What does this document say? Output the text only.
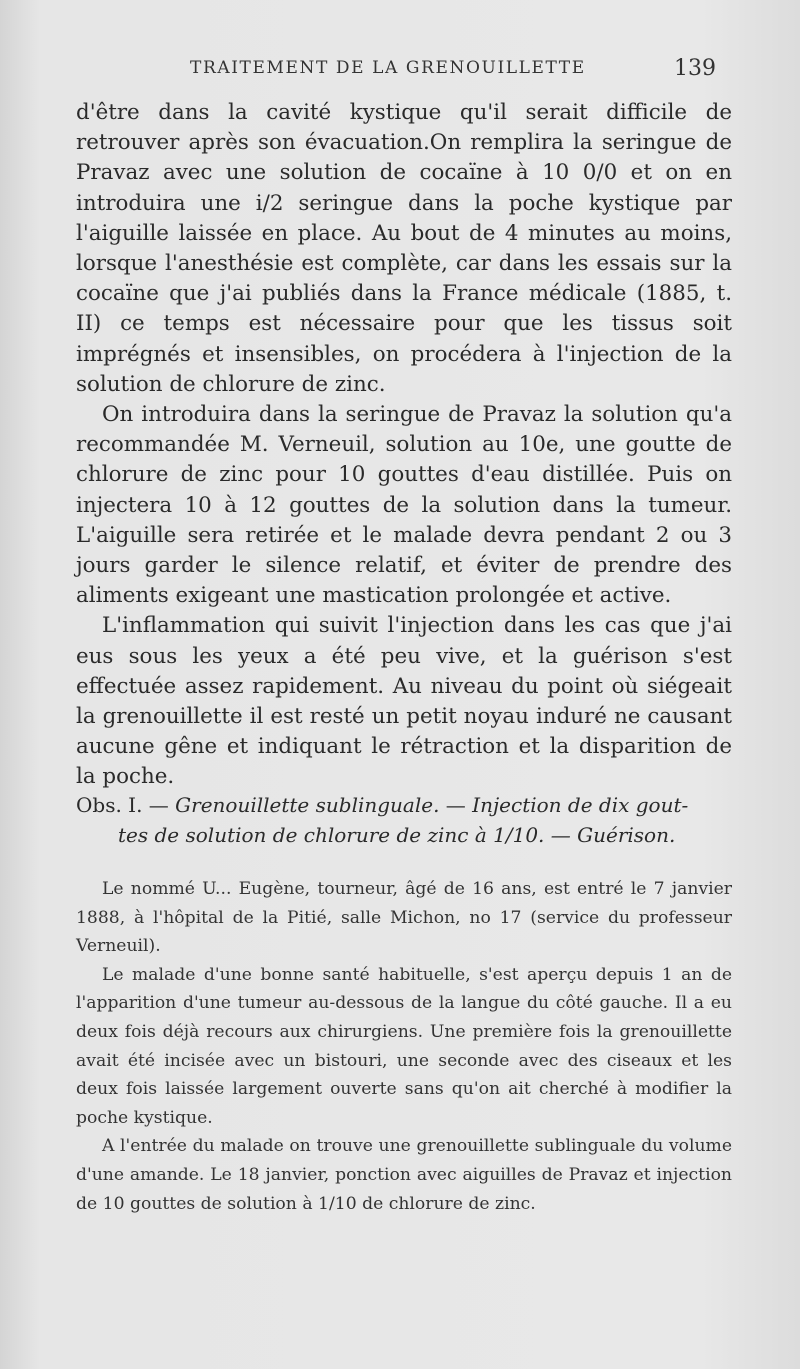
TRAITEMENT DE LA GRENOUILLETTE	139

d'être dans la cavité kystique qu'il serait difficile de retrouver après son évacuation.On remplira la seringue de Pravaz avec une solution de cocaïne à 10 0/0 et on en introduira une i/2 seringue dans la poche kystique par l'aiguille laissée en place. Au bout de 4 minutes au moins, lorsque l'anesthésie est complète, car dans les essais sur la cocaïne que j'ai publiés dans la France médicale (1885, t. II) ce temps est nécessaire pour que les tissus soit imprégnés et insensibles, on procédera à l'injection de la solution de chlorure de zinc.

On introduira dans la seringue de Pravaz la solution qu'a recommandée M. Verneuil, solution au 10e, une goutte de chlorure de zinc pour 10 gouttes d'eau distillée. Puis on injectera 10 à 12 gouttes de la solution dans la tumeur. L'aiguille sera retirée et le malade devra pendant 2 ou 3 jours garder le silence relatif, et éviter de prendre des aliments exigeant une mastication prolongée et active.

L'inflammation qui suivit l'injection dans les cas que j'ai eus sous les yeux a été peu vive, et la guérison s'est effectuée assez rapidement. Au niveau du point où siégeait la grenouillette il est resté un petit noyau induré ne causant aucune gêne et indiquant le rétraction et la disparition de la poche.

Obs. I. — Grenouillette sublinguale. — Injection de dix gout-
tes de solution de chlorure de zinc à 1/10. — Guérison.

Le nommé U... Eugène, tourneur, âgé de 16 ans, est entré le 7 janvier 1888, à l'hôpital de la Pitié, salle Michon, no 17 (service du professeur Verneuil).

Le malade d'une bonne santé habituelle, s'est aperçu depuis 1 an de l'apparition d'une tumeur au-dessous de la langue du côté gauche. Il a eu deux fois déjà recours aux chirurgiens. Une première fois la grenouillette avait été incisée avec un bistouri, une seconde avec des ciseaux et les deux fois laissée largement ouverte sans qu'on ait cherché à modifier la poche kystique.

A l'entrée du malade on trouve une grenouillette sublinguale du volume d'une amande. Le 18 janvier, ponction avec aiguilles de Pravaz et injection de 10 gouttes de solution à 1/10 de chlorure de zinc.
